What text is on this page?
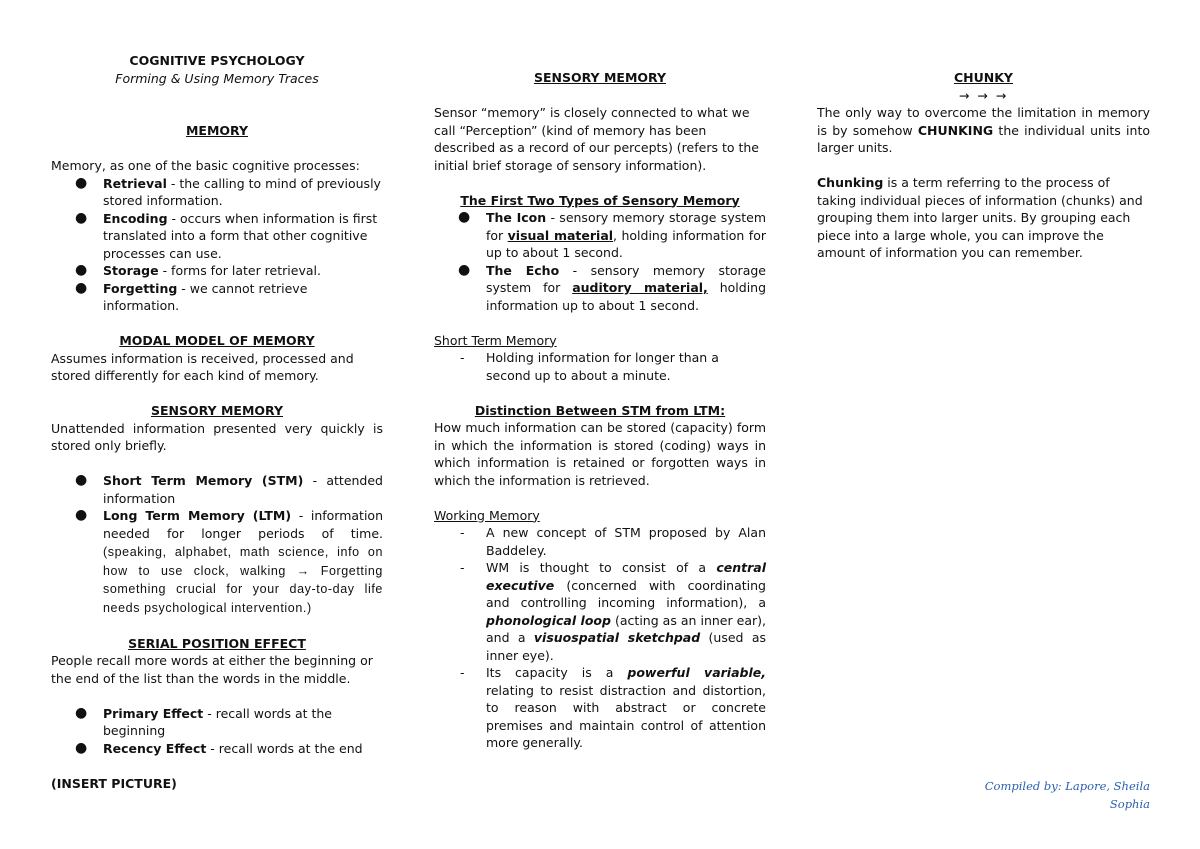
COGNITIVE PSYCHOLOGY

Forming & Using Memory Traces

MEMORY

Memory, as one of the basic cognitive processes:

● Retrieval - the calling to mind of previously stored information.
● Encoding - occurs when information is first translated into a form that other cognitive processes can use.
● Storage - forms for later retrieval.
● Forgetting - we cannot retrieve information.

MODAL MODEL OF MEMORY

Assumes information is received, processed and stored differently for each kind of memory.

SENSORY MEMORY

Unattended information presented very quickly is stored only briefly.

● Short Term Memory (STM) - attended information
● Long Term Memory (LTM) - information needed for longer periods of time. (speaking, alphabet, math science, info on how to use clock, walking → Forgetting something crucial for your day-to-day life needs psychological intervention.)

SERIAL POSITION EFFECT

People recall more words at either the beginning or the end of the list than the words in the middle.

● Primary Effect - recall words at the beginning
● Recency Effect - recall words at the end

(INSERT PICTURE)

SENSORY MEMORY

Sensor “memory” is closely connected to what we call “Perception” (kind of memory has been described as a record of our percepts) (refers to the initial brief storage of sensory information).

The First Two Types of Sensory Memory

● The Icon - sensory memory storage system for visual material, holding information for up to about 1 second.
● The Echo - sensory memory storage system for auditory material, holding information up to about 1 second.

Short Term Memory

- Holding information for longer than a second up to about a minute.

Distinction Between STM from LTM:

How much information can be stored (capacity) form in which the information is stored (coding) ways in which information is retained or forgotten ways in which the information is retrieved.

Working Memory

- A new concept of STM proposed by Alan Baddeley.
- WM is thought to consist of a central executive (concerned with coordinating and controlling incoming information), a phonological loop (acting as an inner ear), and a visuospatial sketchpad (used as inner eye).
- Its capacity is a powerful variable, relating to resist distraction and distortion, to reason with abstract or concrete premises and maintain control of attention more generally.

CHUNKY

→ → →

The only way to overcome the limitation in memory is by somehow CHUNKING the individual units into larger units.

Chunking is a term referring to the process of taking individual pieces of information (chunks) and grouping them into larger units. By grouping each piece into a large whole, you can improve the amount of information you can remember.

Compiled by: Lapore, Sheila Sophia
